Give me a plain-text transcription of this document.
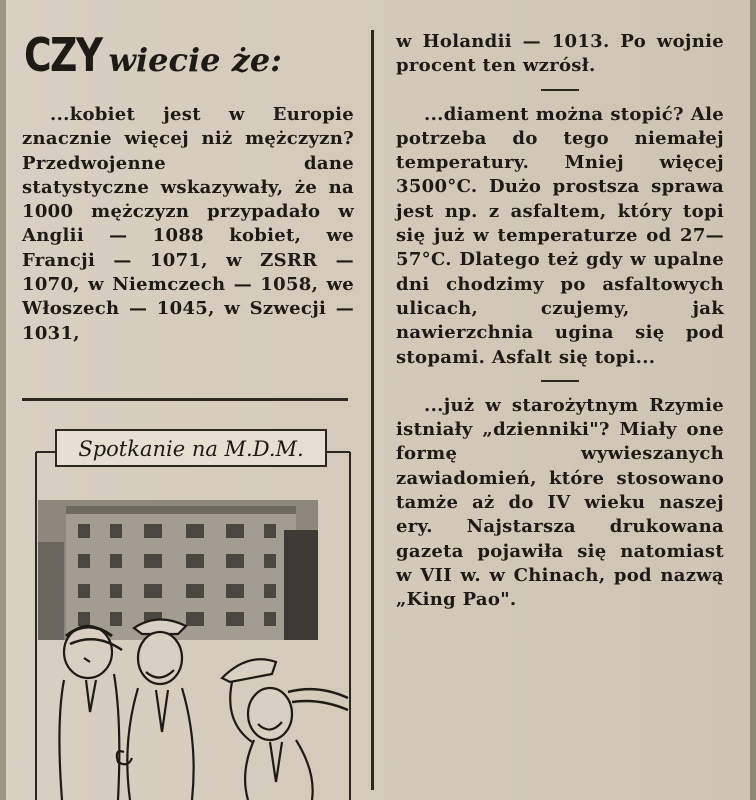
CZY wiecie że:

...kobiet jest w Europie znacznie więcej niż mężczyzn? Przedwojenne dane statystyczne wskazywały, że na 1000 mężczyzn przypadało w Anglii — 1088 kobiet, we Francji — 1071, w ZSRR — 1070, w Niemczech — 1058, we Włoszech — 1045, w Szwecji — 1031,

Spotkanie na M.D.M.

w Holandii — 1013. Po wojnie procent ten wzrósł.

...diament można stopić? Ale potrzeba do tego niemałej temperatury. Mniej więcej 3500°C. Dużo prostsza sprawa jest np. z asfaltem, który topi się już w temperaturze od 27—57°C. Dlatego też gdy w upalne dni chodzimy po asfaltowych ulicach, czujemy, jak nawierzchnia ugina się pod stopami. Asfalt się topi...

...już w starożytnym Rzymie istniały „dzienniki"? Miały one formę wywieszanych zawiadomień, które stosowano tamże aż do IV wieku naszej ery. Najstarsza drukowana gazeta pojawiła się natomiast w VII w. w Chinach, pod nazwą „King Pao".
